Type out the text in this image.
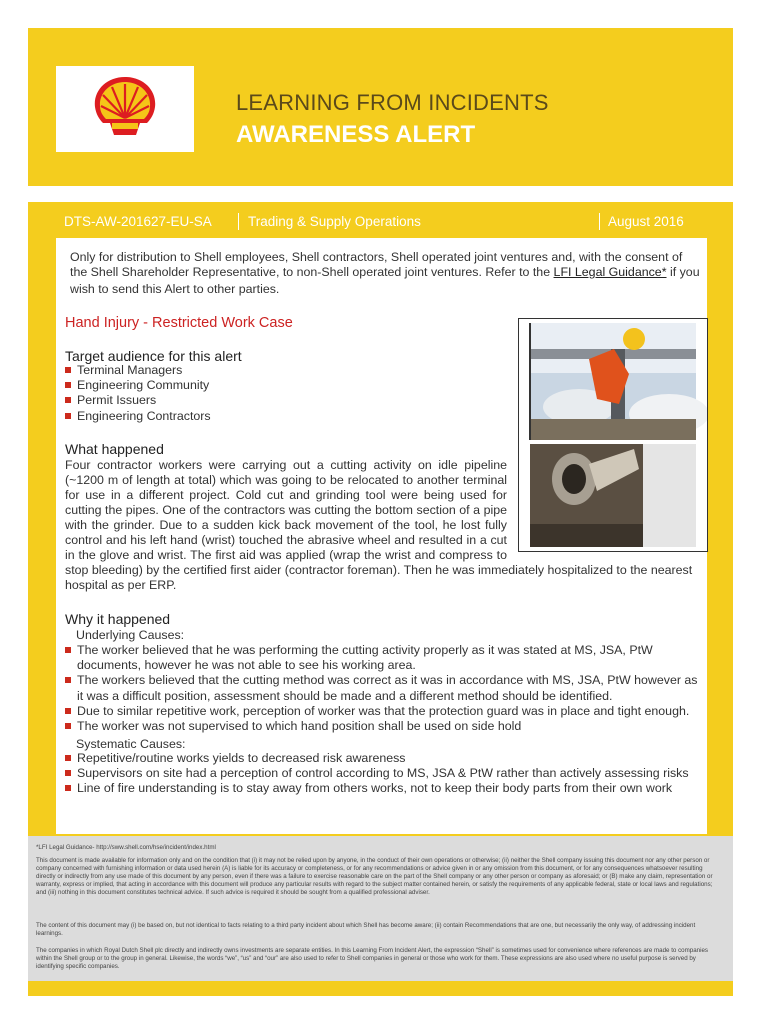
LEARNING FROM INCIDENTS
AWARENESS ALERT
DTS-AW-201627-EU-SA	Trading & Supply Operations	August 2016
Only for distribution to Shell employees, Shell contractors, Shell operated joint ventures and, with the consent of
the Shell Shareholder Representative, to non-Shell operated joint ventures. Refer to the LFI Legal Guidance* if you
wish to send this Alert to other parties.
Hand Injury - Restricted Work Case
Target audience for this alert
Terminal Managers
Engineering Community
Permit Issuers
Engineering Contractors
What happened
Four contractor workers were carrying out a cutting activity on idle pipeline
(~1200 m of length at total) which was going to be relocated to another terminal
for use in a different project. Cold cut and grinding tool were being used for
cutting the pipes. One of the contractors was cutting the bottom section of a pipe
with the grinder. Due to a sudden kick back movement of the tool, he lost fully
control and his left hand (wrist) touched the abrasive wheel and resulted in a cut
in the glove and wrist. The first aid was applied (wrap the wrist and compress to
stop bleeding) by the certified first aider (contractor foreman). Then he was immediately hospitalized to the nearest
hospital as per ERP.
Why it happened
Underlying Causes:
The worker believed that he was performing the cutting activity properly as it was stated at MS, JSA, PtW
documents, however he was not able to see his working area.
The workers believed that the cutting method was correct as it was in accordance with MS, JSA, PtW however as
it was a difficult position, assessment should be made and a different method should be identified.
Due to similar repetitive work, perception of worker was that the protection guard was in place and tight enough.
The worker was not supervised to which hand position shall be used on side hold
Systematic Causes:
Repetitive/routine works yields to decreased risk awareness
Supervisors on site had a perception of control according to MS, JSA & PtW rather than actively assessing risks
Line of fire understanding is to stay away from others works, not to keep their body parts from their own work
*LFI Legal Guidance- http://sww.shell.com/hse/incident/index.html
This document is made available for information only and on the condition that (i) it may not be relied upon by anyone, in the conduct of their own operations or otherwise; (ii) neither the Shell company issuing this document nor any other person or company concerned with furnishing information or data used herein (A) is liable for its accuracy or completeness, or for any recommendations or advice given in or any omission from this document, or for any consequences whatsoever resulting directly or indirectly from any use made of this document by any person, even if there was a failure to exercise reasonable care on the part of the Shell company or any other person or company as aforesaid; or (B) make any claim, representation or warranty, express or implied, that acting in accordance with this document will produce any particular results with regard to the subject matter contained herein, or satisfy the requirements of any applicable federal, state or local laws and regulations; and (iii) nothing in this document constitutes technical advice. If such advice is required it should be sought from a qualified professional adviser.
The content of this document may (i) be based on, but not identical to facts relating to a third party incident about which Shell has become aware; (ii) contain Recommendations that are one, but necessarily the only way, of addressing incident learnings.
The companies in which Royal Dutch Shell plc directly and indirectly owns investments are separate entities. In this Learning From Incident Alert, the expression “Shell” is sometimes used for convenience where references are made to companies within the Shell group or to the group in general. Likewise, the words “we”, “us” and “our” are also used to refer to Shell companies in general or those who work for them. These expressions are also used where no useful purpose is served by identifying specific companies.
